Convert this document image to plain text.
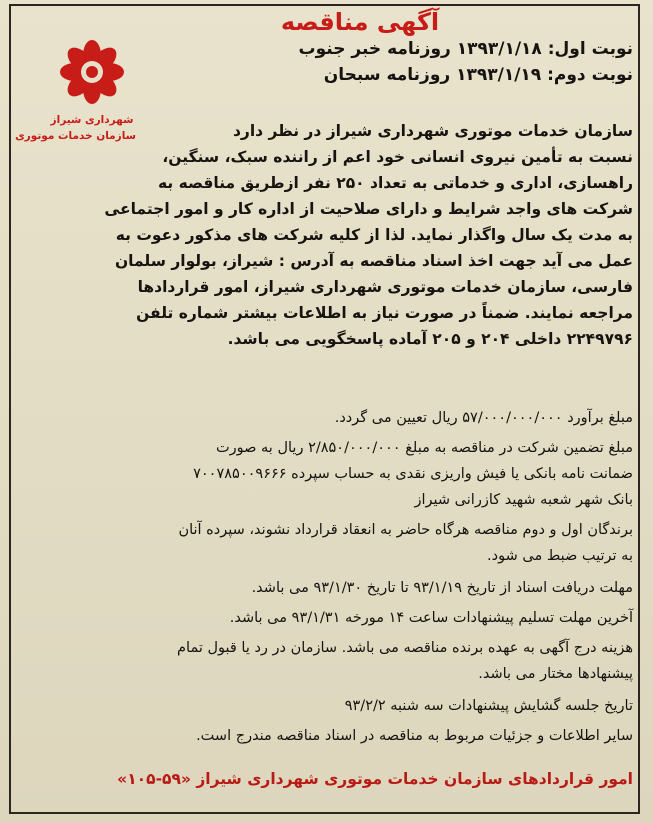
آگهی مناقصه
شهرداری شیراز
سازمان خدمات موتوری

نوبت اول: ۱۳۹۳/۱/۱۸ روزنامه خبر جنوب

نوبت دوم: ۱۳۹۳/۱/۱۹ روزنامه سبحان

سازمان خدمات موتوری شهرداری شیراز در نظر دارد

نسبت به تأمین نیروی انسانی خود اعم از راننده سبک، سنگین،

راهسازی، اداری و خدماتی به تعداد ۲۵۰ نفر ازطریق مناقصه به

شرکت های واجد شرایط و دارای صلاحیت از اداره کار و امور اجتماعی

به مدت یک سال واگذار نماید. لذا از کلیه شرکت های مذکور دعوت به

عمل می آید جهت اخذ اسناد مناقصه به آدرس : شیراز، بولوار سلمان

فارسی، سازمان خدمات موتوری شهرداری شیراز، امور قراردادها

مراجعه نمایند. ضمناً در صورت نیاز به اطلاعات بیشتر شماره تلفن

۲۲۴۹۷۹۶ داخلی ۲۰۴ و ۲۰۵ آماده پاسخگویی می باشد.

مبلغ برآورد ۵۷/۰۰۰/۰۰۰/۰۰۰ ریال تعیین می گردد.

مبلغ تضمین شرکت در مناقصه به مبلغ ۲/۸۵۰/۰۰۰/۰۰۰ ریال به صورت

ضمانت نامه بانکی یا فیش واریزی نقدی به حساب سپرده ۷۰۰۷۸۵۰۰۹۶۶۶

بانک شهر شعبه شهید کازرانی شیراز

برندگان اول و دوم مناقصه هرگاه حاضر به انعقاد قرارداد نشوند، سپرده آنان

به ترتیب ضبط می شود.

مهلت دریافت اسناد از تاریخ ۹۳/۱/۱۹ تا تاریخ ۹۳/۱/۳۰ می باشد.

آخرین مهلت تسلیم پیشنهادات ساعت ۱۴ مورخه ۹۳/۱/۳۱ می باشد.

هزینه درج آگهی به عهده برنده مناقصه می باشد. سازمان در رد یا قبول تمام

پیشنهادها مختار می باشد.

تاریخ جلسه گشایش پیشنهادات سه شنبه ۹۳/۲/۲

سایر اطلاعات و جزئیات مربوط به مناقصه در اسناد مناقصه مندرج است.

امور قراردادهای سازمان خدمات موتوری شهرداری شیراز «۵۹-۱۰۵»
